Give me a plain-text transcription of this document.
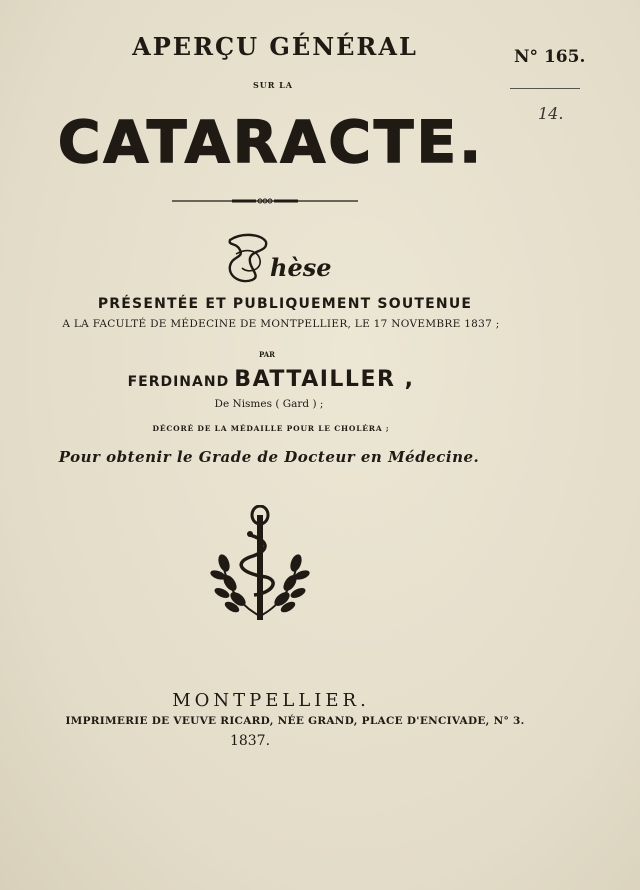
APERÇU GÉNÉRAL
SUR LA
CATARACTE.
N° 165.
14.
hèse
PRÉSENTÉE ET PUBLIQUEMENT SOUTENUE
A LA FACULTÉ DE MÉDECINE DE MONTPELLIER, LE 17 NOVEMBRE 1837 ;
PAR
FERDINAND BATTAILLER ,
De Nismes ( Gard ) ;
DÉCORÉ DE LA MÉDAILLE POUR LE CHOLÉRA ;
Pour obtenir le Grade de Docteur en Médecine.
MONTPELLIER.
IMPRIMERIE DE VEUVE RICARD, NÉE GRAND, PLACE D'ENCIVADE, N° 3.
1837.
